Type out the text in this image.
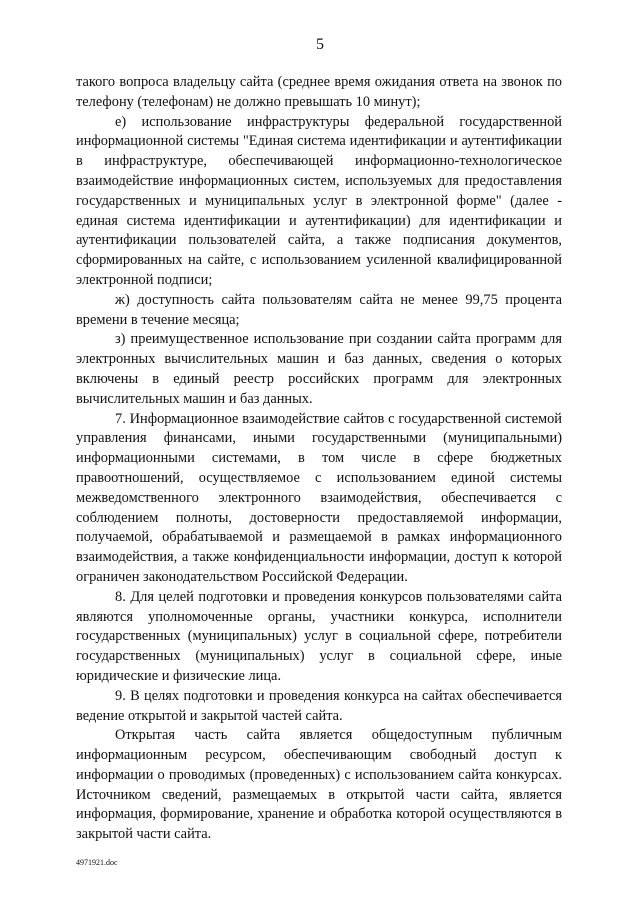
5

такого вопроса владельцу сайта (среднее время ожидания ответа на звонок по телефону (телефонам) не должно превышать 10 минут);

е) использование инфраструктуры федеральной государственной информационной системы "Единая система идентификации и аутентификации в инфраструктуре, обеспечивающей информационно-технологическое взаимодействие информационных систем, используемых для предоставления государственных и муниципальных услуг в электронной форме" (далее - единая система идентификации и аутентификации) для идентификации и аутентификации пользователей сайта, а также подписания документов, сформированных на сайте, с использованием усиленной квалифицированной электронной подписи;

ж) доступность сайта пользователям сайта не менее 99,75 процента времени в течение месяца;

з) преимущественное использование при создании сайта программ для электронных вычислительных машин и баз данных, сведения о которых включены в единый реестр российских программ для электронных вычислительных машин и баз данных.

7. Информационное взаимодействие сайтов с государственной системой управления финансами, иными государственными (муниципальными) информационными системами, в том числе в сфере бюджетных правоотношений, осуществляемое с использованием единой системы межведомственного электронного взаимодействия, обеспечивается с соблюдением полноты, достоверности предоставляемой информации, получаемой, обрабатываемой и размещаемой в рамках информационного взаимодействия, а также конфиденциальности информации, доступ к которой ограничен законодательством Российской Федерации.

8. Для целей подготовки и проведения конкурсов пользователями сайта являются уполномоченные органы, участники конкурса, исполнители государственных (муниципальных) услуг в социальной сфере, потребители государственных (муниципальных) услуг в социальной сфере, иные юридические и физические лица.

9. В целях подготовки и проведения конкурса на сайтах обеспечивается ведение открытой и закрытой частей сайта.

Открытая часть сайта является общедоступным публичным информационным ресурсом, обеспечивающим свободный доступ к информации о проводимых (проведенных) с использованием сайта конкурсах. Источником сведений, размещаемых в открытой части сайта, является информация, формирование, хранение и обработка которой осуществляются в закрытой части сайта.

4971921.doc
